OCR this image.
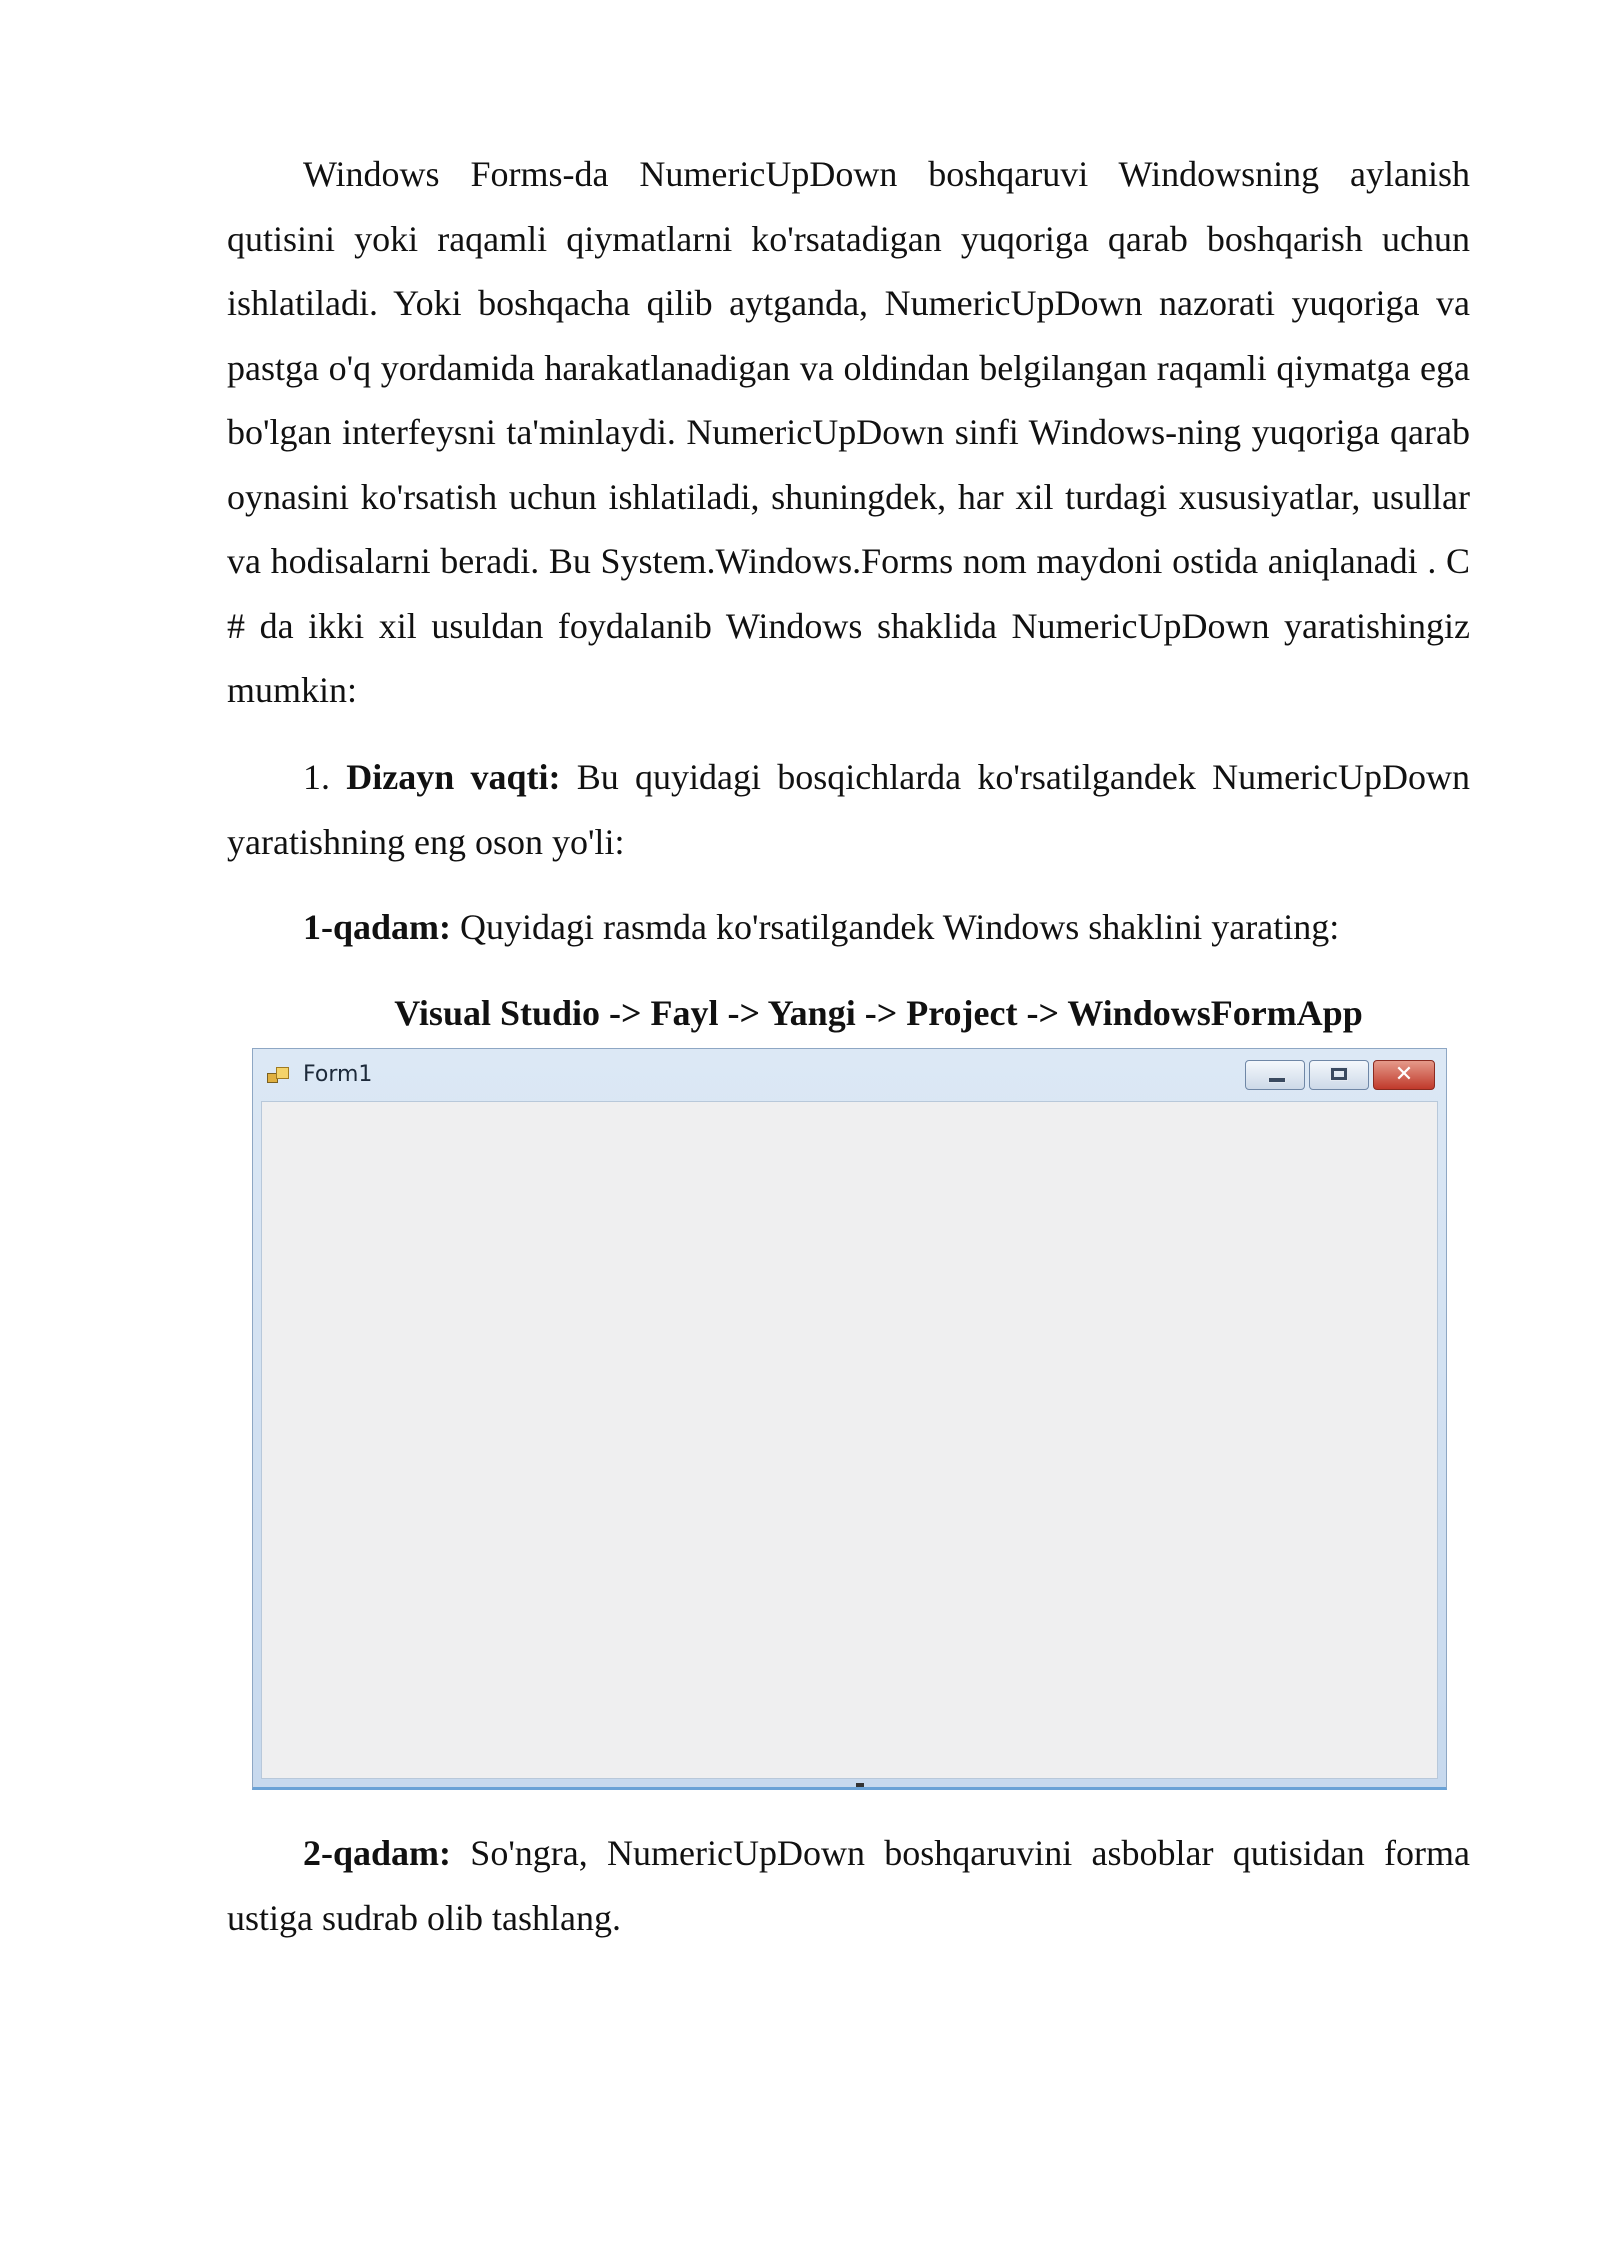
Windows Forms-da NumericUpDown boshqaruvi Windowsning aylanish qutisini yoki raqamli qiymatlarni ko'rsatadigan yuqoriga qarab boshqarish uchun ishlatiladi. Yoki boshqacha qilib aytganda, NumericUpDown nazorati yuqoriga va pastga o'q yordamida harakatlanadigan va oldindan belgilangan raqamli qiymatga ega bo'lgan interfeysni ta'minlaydi. NumericUpDown sinfi Windows-ning yuqoriga qarab oynasini ko'rsatish uchun ishlatiladi, shuningdek, har xil turdagi xususiyatlar, usullar va hodisalarni beradi. Bu System.Windows.Forms nom maydoni ostida aniqlanadi . C # da ikki xil usuldan foydalanib Windows shaklida NumericUpDown yaratishingiz mumkin:

1. Dizayn vaqti: Bu quyidagi bosqichlarda ko'rsatilgandek NumericUpDown yaratishning eng oson yo'li:

1-qadam: Quyidagi rasmda ko'rsatilgandek Windows shaklini yarating:

Visual Studio -> Fayl -> Yangi -> Project -> WindowsFormApp
Form1	✕

2-qadam: So'ngra, NumericUpDown boshqaruvini asboblar qutisidan forma ustiga sudrab olib tashlang.
